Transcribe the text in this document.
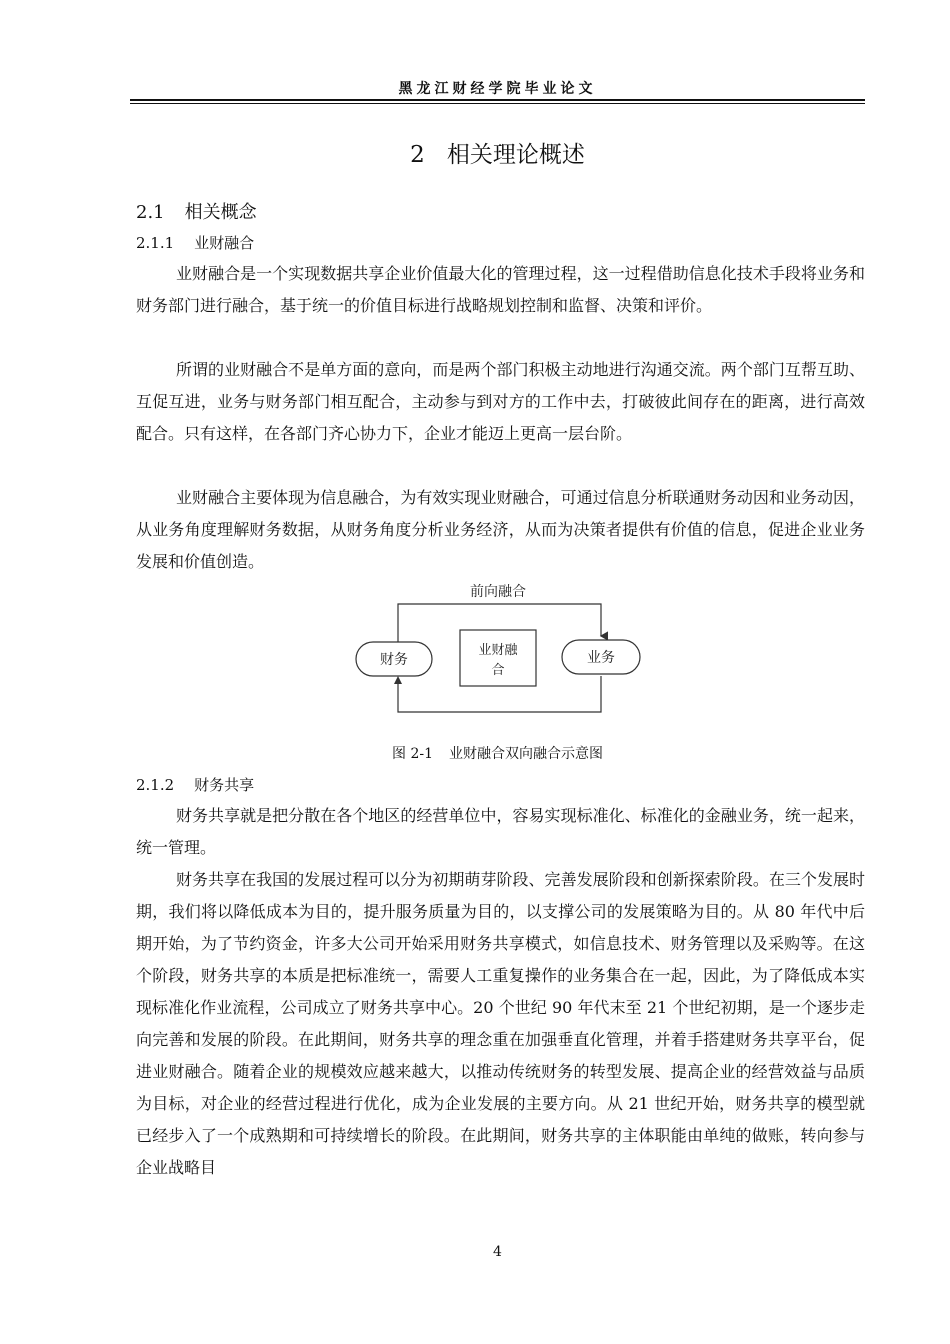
黑龙江财经学院毕业论文
2 相关理论概述
2.1 相关概念
2.1.1 业财融合

业财融合是一个实现数据共享企业价值最大化的管理过程，这一过程借助信息化技术手段将业务和财务部门进行融合，基于统一的价值目标进行战略规划控制和监督、决策和评价。

所谓的业财融合不是单方面的意向，而是两个部门积极主动地进行沟通交流。两个部门互帮互助、互促互进，业务与财务部门相互配合，主动参与到对方的工作中去，打破彼此间存在的距离，进行高效配合。只有这样，在各部门齐心协力下，企业才能迈上更高一层台阶。

业财融合主要体现为信息融合，为有效实现业财融合，可通过信息分析联通财务动因和业务动因，从业务角度理解财务数据，从财务角度分析业务经济，从而为决策者提供有价值的信息，促进企业业务发展和价值创造。

前向融合
财务
业财融
合
业务
图 2-1 业财融合双向融合示意图
2.1.2 财务共享

财务共享就是把分散在各个地区的经营单位中，容易实现标准化、标准化的金融业务，统一起来，统一管理。

财务共享在我国的发展过程可以分为初期萌芽阶段、完善发展阶段和创新探索阶段。在三个发展时期，我们将以降低成本为目的，提升服务质量为目的，以支撑公司的发展策略为目的。从 80 年代中后期开始，为了节约资金，许多大公司开始采用财务共享模式，如信息技术、财务管理以及采购等。在这个阶段，财务共享的本质是把标准统一，需要人工重复操作的业务集合在一起，因此，为了降低成本实现标准化作业流程，公司成立了财务共享中心。20 个世纪 90 年代末至 21 个世纪初期，是一个逐步走向完善和发展的阶段。在此期间，财务共享的理念重在加强垂直化管理，并着手搭建财务共享平台，促进业财融合。随着企业的规模效应越来越大，以推动传统财务的转型发展、提高企业的经营效益与品质为目标，对企业的经营过程进行优化，成为企业发展的主要方向。从 21 世纪开始，财务共享的模型就已经步入了一个成熟期和可持续增长的阶段。在此期间，财务共享的主体职能由单纯的做账，转向参与企业战略目

4
